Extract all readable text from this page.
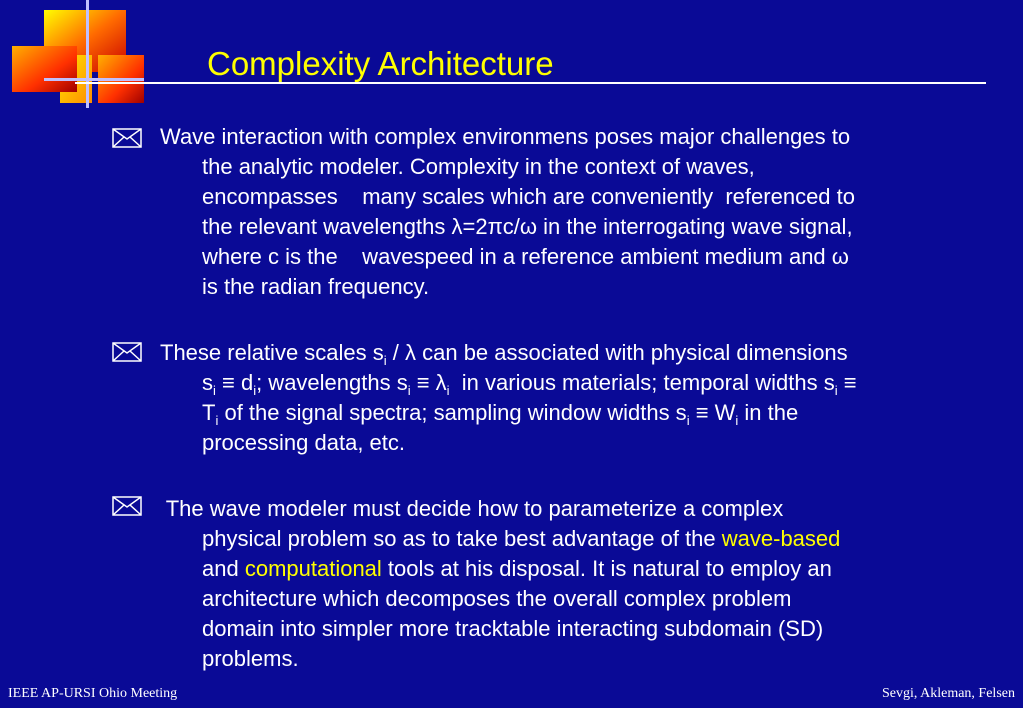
Complexity Architecture
Wave interaction with complex environmens poses major challenges to
the analytic modeler. Complexity in the context of waves,
encompasses    many scales which are conveniently  referenced to
the relevant wavelengths λ=2πc/ω in the interrogating wave signal,
where c is the    wavespeed in a reference ambient medium and ω
is the radian frequency.
These relative scales $s_i$ / λ can be associated with physical dimensions
$s_i \equiv d_i$; wavelengths $s_i \equiv \lambda_i$  in various materials; temporal widths $s_i$ ≡
$T_i$ of the signal spectra; sampling window widths $s_i \equiv W_i$ in the
processing data, etc.
The wave modeler must decide how to parameterize a complex
physical problem so as to take best advantage of the wave-based
and computational tools at his disposal. It is natural to employ an
architecture which decomposes the overall complex problem
domain into simpler more tracktable interacting subdomain (SD)
problems.
IEEE AP-URSI Ohio Meeting	Sevgi, Akleman, Felsen
